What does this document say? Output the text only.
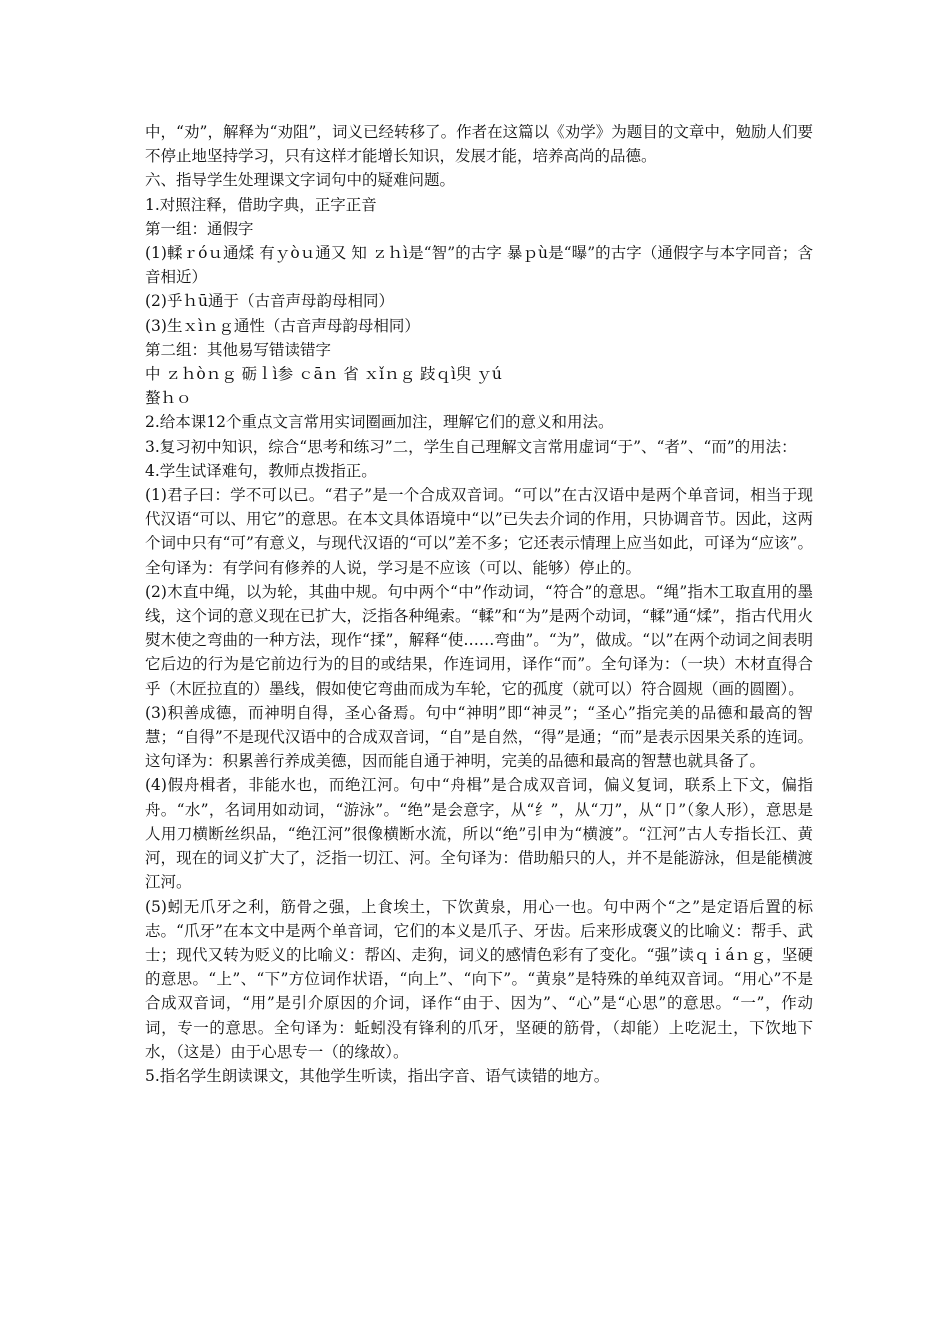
中，“劝”，解释为“劝阻”，词义已经转移了。作者在这篇以《劝学》为题目的文章中，勉励人们要不停止地坚持学习，只有这样才能增长知识，发展才能，培养高尚的品德。

六、指导学生处理课文字词句中的疑难问题。

1.对照注释，借助字典，正字正音

第一组：通假字

(1)輮ｒóｕ通煣 有ｙòｕ通又 知 ｚｈì是“智”的古字 暴ｐù是“曝”的古字（通假字与本字同音；含音相近）

(2)乎ｈū通于（古音声母韵母相同）

(3)生ｘìｎｇ通性（古音声母韵母相同）

第二组：其他易写错读错字

中 ｚｈòｎｇ 砺ｌì参 ｃāｎ 省 ｘǐｎｇ 跂ｑì臾 ｙú

螯ｈｏ

2.给本课12个重点文言常用实词圈画加注，理解它们的意义和用法。

3.复习初中知识，综合“思考和练习”二，学生自己理解文言常用虚词“于”、“者”、“而”的用法：

4.学生试译难句，教师点拨指正。

(1)君子曰：学不可以已。“君子”是一个合成双音词。“可以”在古汉语中是两个单音词，相当于现代汉语“可以、用它”的意思。在本文具体语境中“以”已失去介词的作用，只协调音节。因此，这两个词中只有“可”有意义，与现代汉语的“可以”差不多；它还表示情理上应当如此，可译为“应该”。全句译为：有学问有修养的人说，学习是不应该（可以、能够）停止的。

(2)木直中绳，以为轮，其曲中规。句中两个“中”作动词，“符合”的意思。“绳”指木工取直用的墨线，这个词的意义现在已扩大，泛指各种绳索。“輮”和“为”是两个动词，“輮”通“煣”，指古代用火熨木使之弯曲的一种方法，现作“揉”，解释“使……弯曲”。“为”，做成。“以”在两个动词之间表明它后边的行为是它前边行为的目的或结果，作连词用，译作“而”。全句译为：（一块）木材直得合乎（木匠拉直的）墨线，假如使它弯曲而成为车轮，它的孤度（就可以）符合圆规（画的圆圈）。

(3)积善成德，而神明自得，圣心备焉。句中“神明”即“神灵”；“圣心”指完美的品德和最高的智慧；“自得”不是现代汉语中的合成双音词，“自”是自然，“得”是通；“而”是表示因果关系的连词。这句译为：积累善行养成美德，因而能自通于神明，完美的品德和最高的智慧也就具备了。

(4)假舟楫者，非能水也，而绝江河。句中“舟楫”是合成双音词，偏义复词，联系上下文，偏指舟。“水”，名词用如动词，“游泳”。“绝”是会意字，从“纟”，从“刀”，从“卩”（象人形），意思是人用刀横断丝织品，“绝江河”很像横断水流，所以“绝”引申为“横渡”。“江河”古人专指长江、黄河，现在的词义扩大了，泛指一切江、河。全句译为：借助船只的人，并不是能游泳，但是能横渡江河。

(5)蚓无爪牙之利，筋骨之强，上食埃土，下饮黄泉，用心一也。句中两个“之”是定语后置的标志。“爪牙”在本文中是两个单音词，它们的本义是爪子、牙齿。后来形成褒义的比喻义：帮手、武士；现代又转为贬义的比喻义：帮凶、走狗，词义的感情色彩有了变化。“强”读ｑｉáｎｇ，坚硬的意思。“上”、“下”方位词作状语，“向上”、“向下”。“黄泉”是特殊的单纯双音词。“用心”不是合成双音词，“用”是引介原因的介词，译作“由于、因为”、“心”是“心思”的意思。“一”，作动词，专一的意思。全句译为：蚯蚓没有锋利的爪牙，坚硬的筋骨，（却能）上吃泥土，下饮地下水，（这是）由于心思专一（的缘故）。

5.指名学生朗读课文，其他学生听读，指出字音、语气读错的地方。
